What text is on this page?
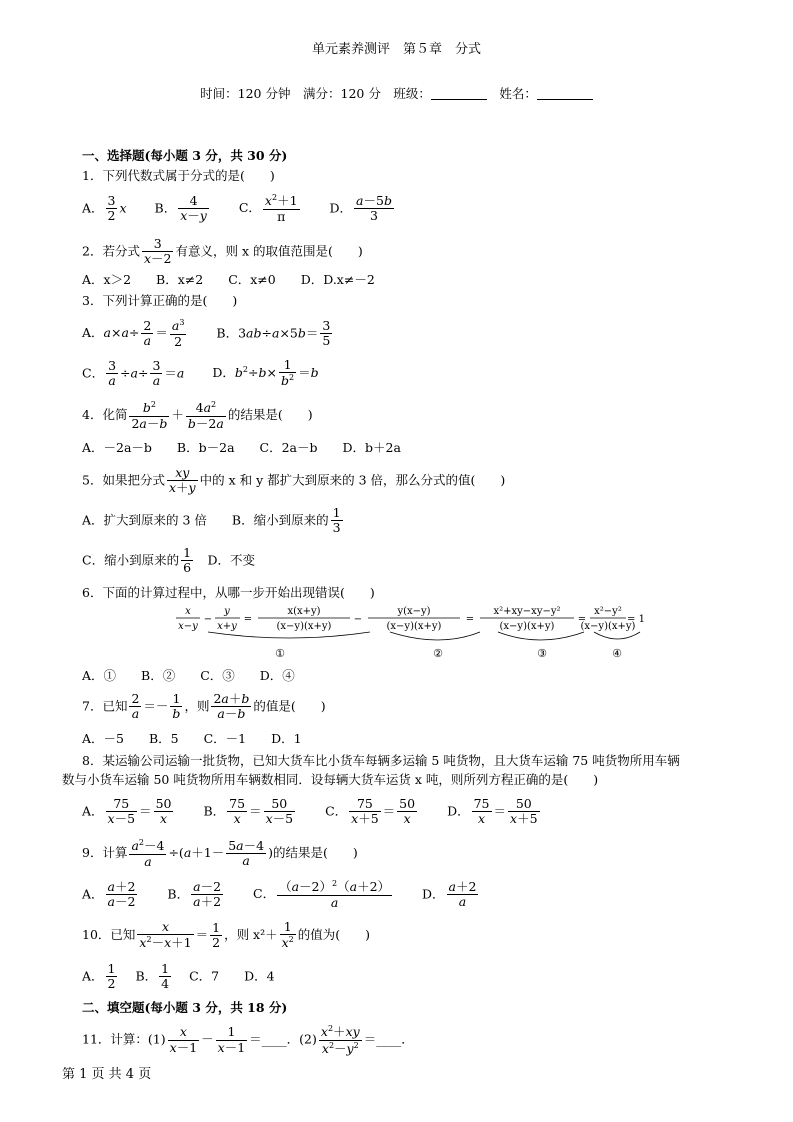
单元素养测评　第５章　分式
时间：120 分钟　满分：120 分　班级：	　姓名：
一、选择题(每小题 3 分，共 30 分)
1．下列代数式属于分式的是(　　)
A． $\frac{3}{2}$ x B． $\frac{4}{x-y}$ C． $\frac{x^2+1}{\pi}$ D． $\frac{a-5b}{3}$
2．若分式 $\frac{3}{x-2}$ 有意义，则 x 的取值范围是(　　)
A．x＞2　　B．x≠2　　C．x≠0　　D．D.x≠－2
3．下列计算正确的是(　　)
A．$a\times a\div \frac{2}{a} = \frac{a^3}{2}$ B．$3ab\div a\times 5b= \frac{3}{5}$
C． $\frac{3}{a} \div a\div \frac{3}{a} =a$ D．$b^2\div b\times \frac{1}{b^2} =b$
4．化简 $\frac{b^2}{2a-b} + \frac{4a^2}{b-2a}$ 的结果是(　　)
A．－2a－b　　B．b－2a　　C．2a－b　　D．b＋2a
5．如果把分式 $\frac{xy}{x+y}$ 中的 x 和 y 都扩大到原来的 3 倍，那么分式的值(　　)
A．扩大到原来的 3 倍　　B．缩小到原来的 $\frac{1}{3}$
C．缩小到原来的 $\frac{1}{6}$ 　D．不变
6．下面的计算过程中，从哪一步开始出现错误(　　)
x
x−y
−
y
x+y
=
x(x+y)
(x−y)(x+y)
−
y(x−y)
(x−y)(x+y)
=
x²+xy−xy−y²
(x−y)(x+y)
=
x²−y²
(x−y)(x+y)
= 1
①	②	③	④
A．①　　B．②　　C．③　　D．④
7．已知 $\frac{2}{a} =- \frac{1}{b}$ ，则 $\frac{2a+b}{a-b}$ 的值是(　　)
A．－5　　B．5　　C．－1　　D．1
8．某运输公司运输一批货物，已知大货车比小货车每辆多运输 5 吨货物，且大货车运输 75 吨货物所用车辆
数与小货车运输 50 吨货物所用车辆数相同．设每辆大货车运货 x 吨，则所列方程正确的是(　　)
A． $\frac{75}{x-5} = \frac{50}{x}$ B． $\frac{75}{x} = \frac{50}{x-5}$ C． $\frac{75}{x+5} = \frac{50}{x}$ D． $\frac{75}{x} = \frac{50}{x+5}$
9．计算 $\frac{a^2-4}{a} \div(a+1- \frac{5a-4}{a}$ )的结果是(　　)
A． $\frac{a+2}{a-2}$ B． $\frac{a-2}{a+2}$ C． $\frac{(a-2)^2(a+2)}{a}$ D． $\frac{a+2}{a}$
10．已知 $\frac{x}{x^2-x+1} = \frac{1}{2}$ ，则 $x^2+ \frac{1}{x^2}$ 的值为(　　)
A． $\frac{1}{2}$ B． $\frac{1}{4}$ C．7　　D．4
二、填空题(每小题 3 分，共 18 分)
11．计算：$(1) \frac{x}{x-1} - \frac{1}{x-1}$ ＝____．$(2) \frac{x^2+xy}{x^2-y^2}$ ＝____．
第 1 页 共 4 页
